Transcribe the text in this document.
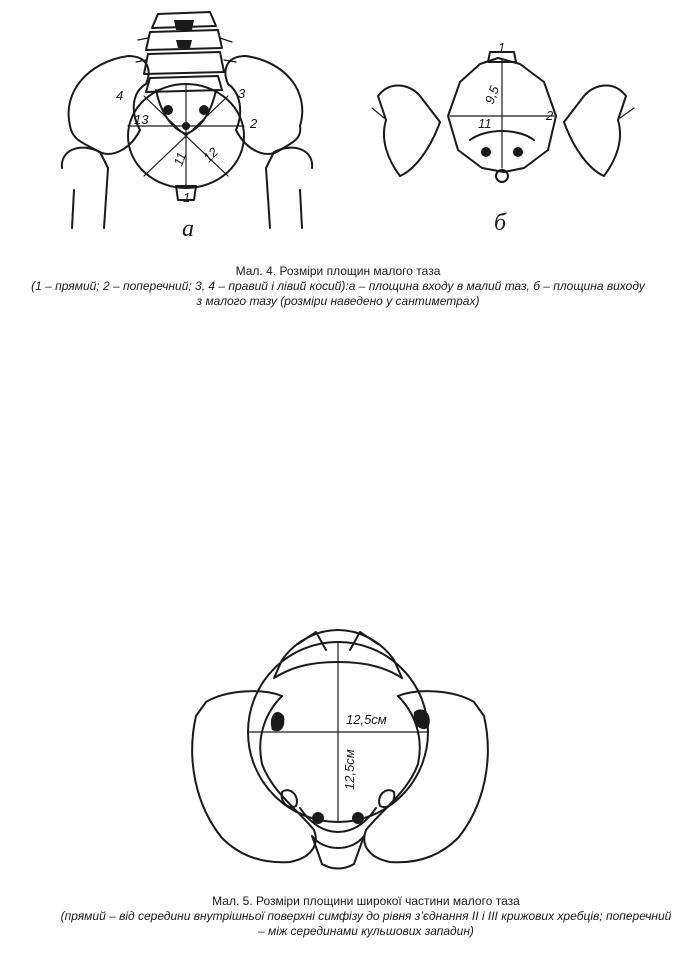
1
2
3
4
11 12
13
а
1
2
9,5
11
б
12,5см
12,5см
Мал. 4. Розміри площин малого таза
(1 – прямий; 2 – поперечний; 3, 4 – правий і лівий косий):а – площина входу в малий таз, б – площина виходу з малого тазу (розміри наведено у сантиметрах)
Мал. 5. Розміри площини широкої частини малого таза
(прямий – від середини внутрішньої поверхні симфізу до рівня з’єднання II і III крижових хребців; поперечний – між серединами кульшових западин)
